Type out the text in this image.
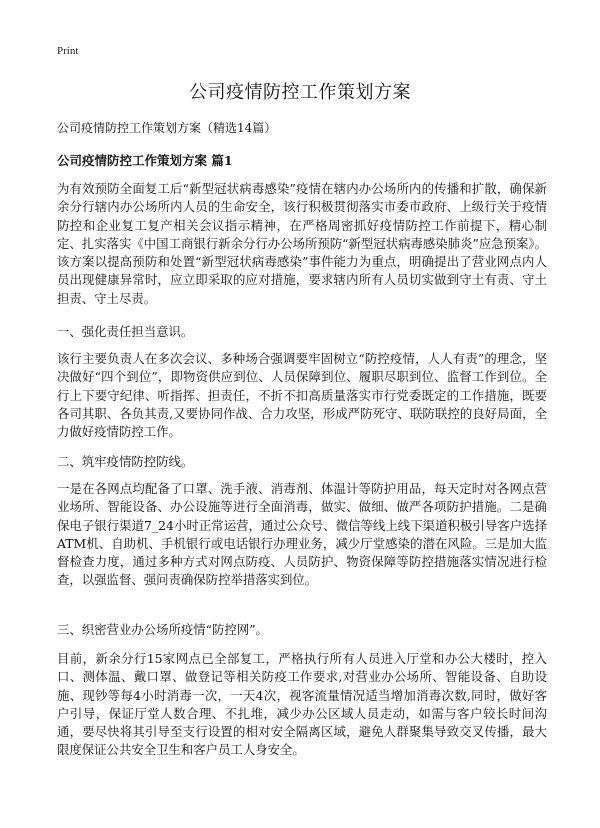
Print
公司疫情防控工作策划方案

公司疫情防控工作策划方案（精选14篇）

公司疫情防控工作策划方案 篇1

为有效预防全面复工后“新型冠状病毒感染”疫情在辖内办公场所内的传播和扩散，确保新余分行辖内办公场所内人员的生命安全，该行积极贯彻落实市委市政府、上级行关于疫情防控和企业复工复产相关会议指示精神，在严格周密抓好疫情防控工作前提下，精心制定、扎实落实《中国工商银行新余分行办公场所预防“新型冠状病毒感染肺炎”应急预案》。该方案以提高预防和处置“新型冠状病毒感染”事件能力为重点，明确提出了营业网点内人员出现健康异常时，应立即采取的应对措施，要求辖内所有人员切实做到守土有责、守土担责、守土尽责。

一、强化责任担当意识。

该行主要负责人在多次会议、多种场合强调要牢固树立“防控疫情，人人有责”的理念，坚决做好“四个到位”，即物资供应到位、人员保障到位、履职尽职到位、监督工作到位。全行上下要守纪律、听指挥、担责任，不折不扣高质量落实市行党委既定的工作措施，既要各司其职、各负其责,又要协同作战、合力攻坚，形成严防死守、联防联控的良好局面，全力做好疫情防控工作。

二、筑牢疫情防控防线。

一是在各网点均配备了口罩、洗手液、消毒剂、体温计等防护用品，每天定时对各网点营业场所、智能设备、办公设施等进行全面消毒，做实、做细、做严各项防护措施。二是确保电子银行渠道7_24小时正常运营，通过公众号、微信等线上线下渠道积极引导客户选择ATM机、自助机、手机银行或电话银行办理业务，减少厅堂感染的潜在风险。三是加大监督检查力度，通过多种方式对网点防疫、人员防护、物资保障等防控措施落实情况进行检查，以强监督、强问责确保防控举措落实到位。

三、织密营业办公场所疫情“防控网”。

目前，新余分行15家网点已全部复工，严格执行所有人员进入厅堂和办公大楼时，控入口、测体温、戴口罩、做登记等相关防疫工作要求,对营业办公场所、智能设备、自助设施、现钞等每4小时消毒一次，一天4次，视客流量情况适当增加消毒次数,同时，做好客户引导，保证厅堂人数合理、不扎堆，减少办公区域人员走动，如需与客户较长时间沟通，要尽快将其引导至支行设置的相对安全隔离区域，避免人群聚集导致交叉传播，最大限度保证公共安全卫生和客户员工人身安全。
